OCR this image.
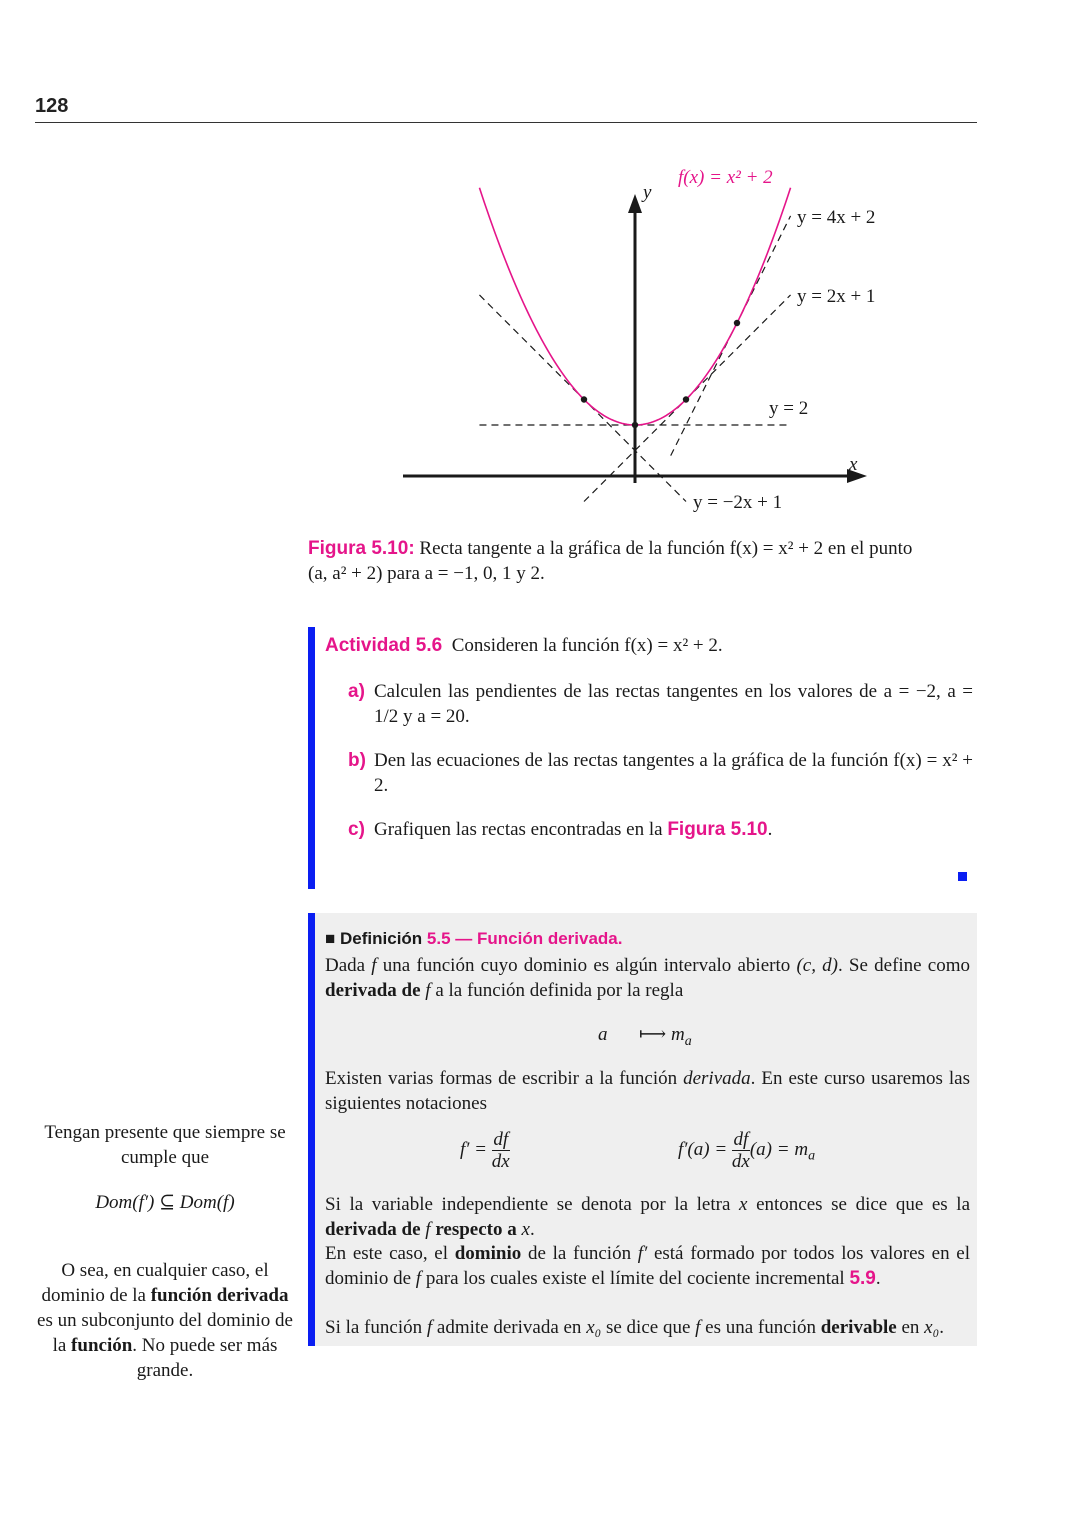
128
f(x) = x² + 2
y
x
y = 4x + 2
y = 2x + 1
y = 2
y = −2x + 1
Figura 5.10: Recta tangente a la gráfica de la función f(x) = x² + 2 en el punto
(a, a² + 2) para a = −1, 0, 1 y 2.
Actividad 5.6 Consideren la función f(x) = x² + 2.
a) Calculen las pendientes de las rectas tangentes en los valores de a = −2, a = 1/2 y a = 20.
b) Den las ecuaciones de las rectas tangentes a la gráfica de la función f(x) = x² + 2.
c) Grafiquen las rectas encontradas en la Figura 5.10.
■ Definición 5.5 — Función derivada.
Dada f una función cuyo dominio es algún intervalo abierto (c, d). Se define como derivada de f a la función definida por la regla
a ⟼ $m_a$
Existen varias formas de escribir a la función derivada. En este curso usaremos las siguientes notaciones
$f' = \frac{df}{dx}$	$f'(a) = \frac{df}{dx} (a) = m_a$
Si la variable independiente se denota por la letra x entonces se dice que es la derivada de f respecto a x.
En este caso, el dominio de la función f′ está formado por todos los valores en el dominio de f para los cuales existe el límite del cociente incremental 5.9.
Si la función f admite derivada en x₀ se dice que f es una función derivable en x₀.
Tengan presente que siempre se cumple que
Dom(f′) ⊆ Dom(f)
O sea, en cualquier caso, el dominio de la función derivada es un subconjunto del dominio de la función. No puede ser más grande.
